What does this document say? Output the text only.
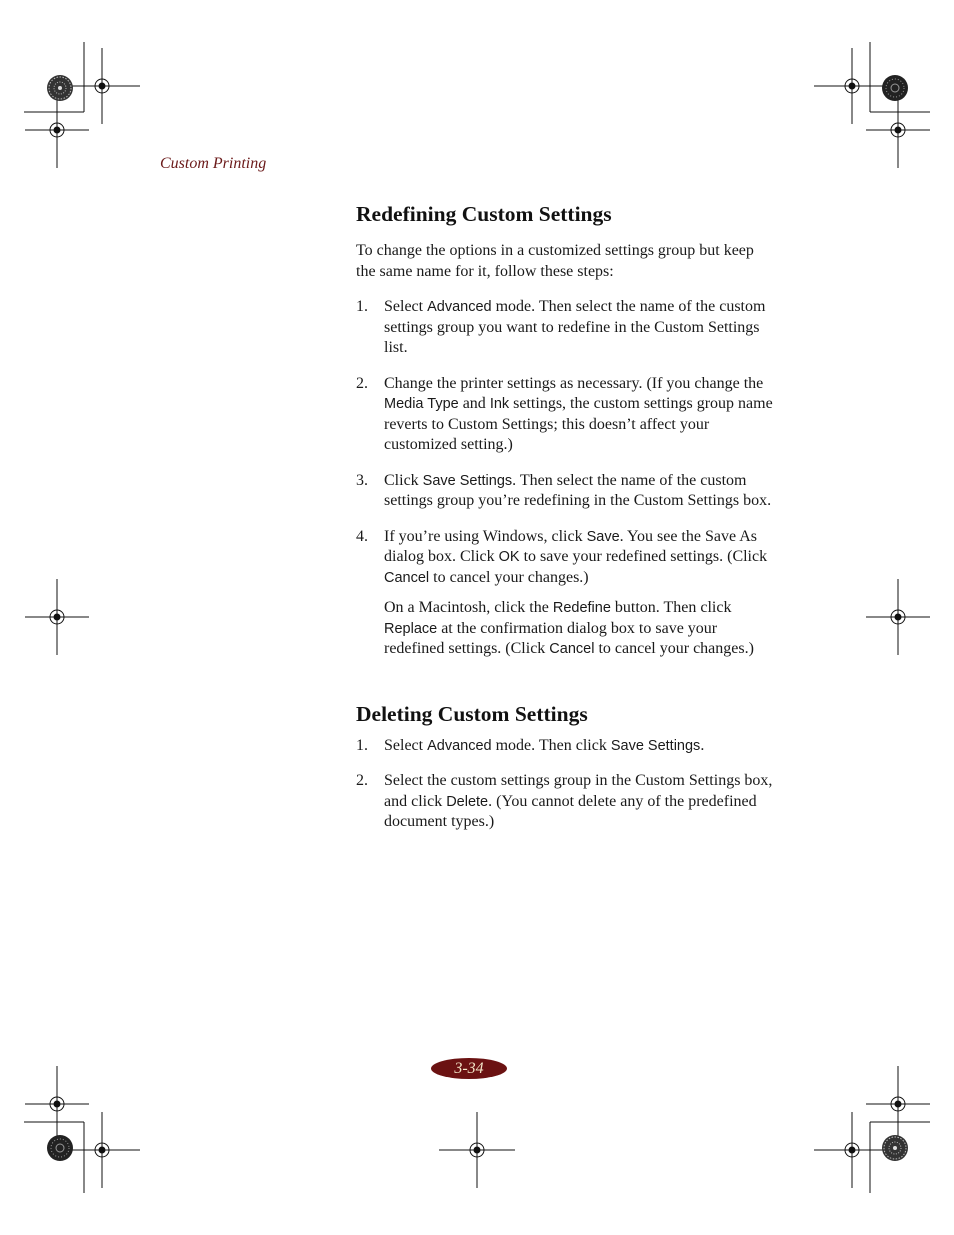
Custom Printing
Redefining Custom Settings

To change the options in a customized settings group but keep the same name for it, follow these steps:

1.	Select Advanced mode. Then select the name of the custom settings group you want to redefine in the Custom Settings list.
2.	Change the printer settings as necessary. (If you change the Media Type and Ink settings, the custom settings group name reverts to Custom Settings; this doesn’t affect your customized setting.)
3.	Click Save Settings. Then select the name of the custom settings group you’re redefining in the Custom Settings box.
4.	If you’re using Windows, click Save. You see the Save As dialog box. Click OK to save your redefined settings. (Click Cancel to cancel your changes.)
On a Macintosh, click the Redefine button. Then click Replace at the confirmation dialog box to save your redefined settings. (Click Cancel to cancel your changes.)
Deleting Custom Settings
1.	Select Advanced mode. Then click Save Settings.
2.	Select the custom settings group in the Custom Settings box, and click Delete. (You cannot delete any of the predefined document types.)
3-34
